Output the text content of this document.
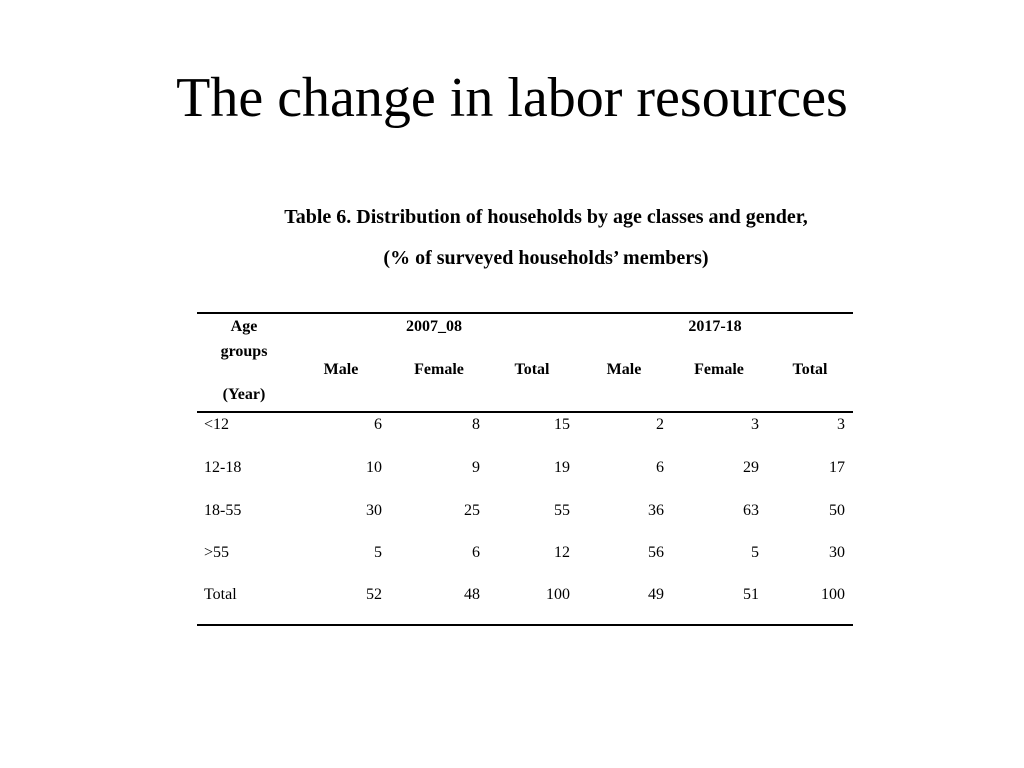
The change in labor resources

Table 6. Distribution of households by age classes and gender,

(% of surveyed households’ members)

Age
groups
(Year)
2007_08	2017-18
Male	Female	Total	Male	Female	Total
<12	6	8	15	2	3	3
12-18	10	9	19	6	29	17
18-55	30	25	55	36	63	50
>55	5	6	12	56	5	30
Total	52	48	100	49	51	100
